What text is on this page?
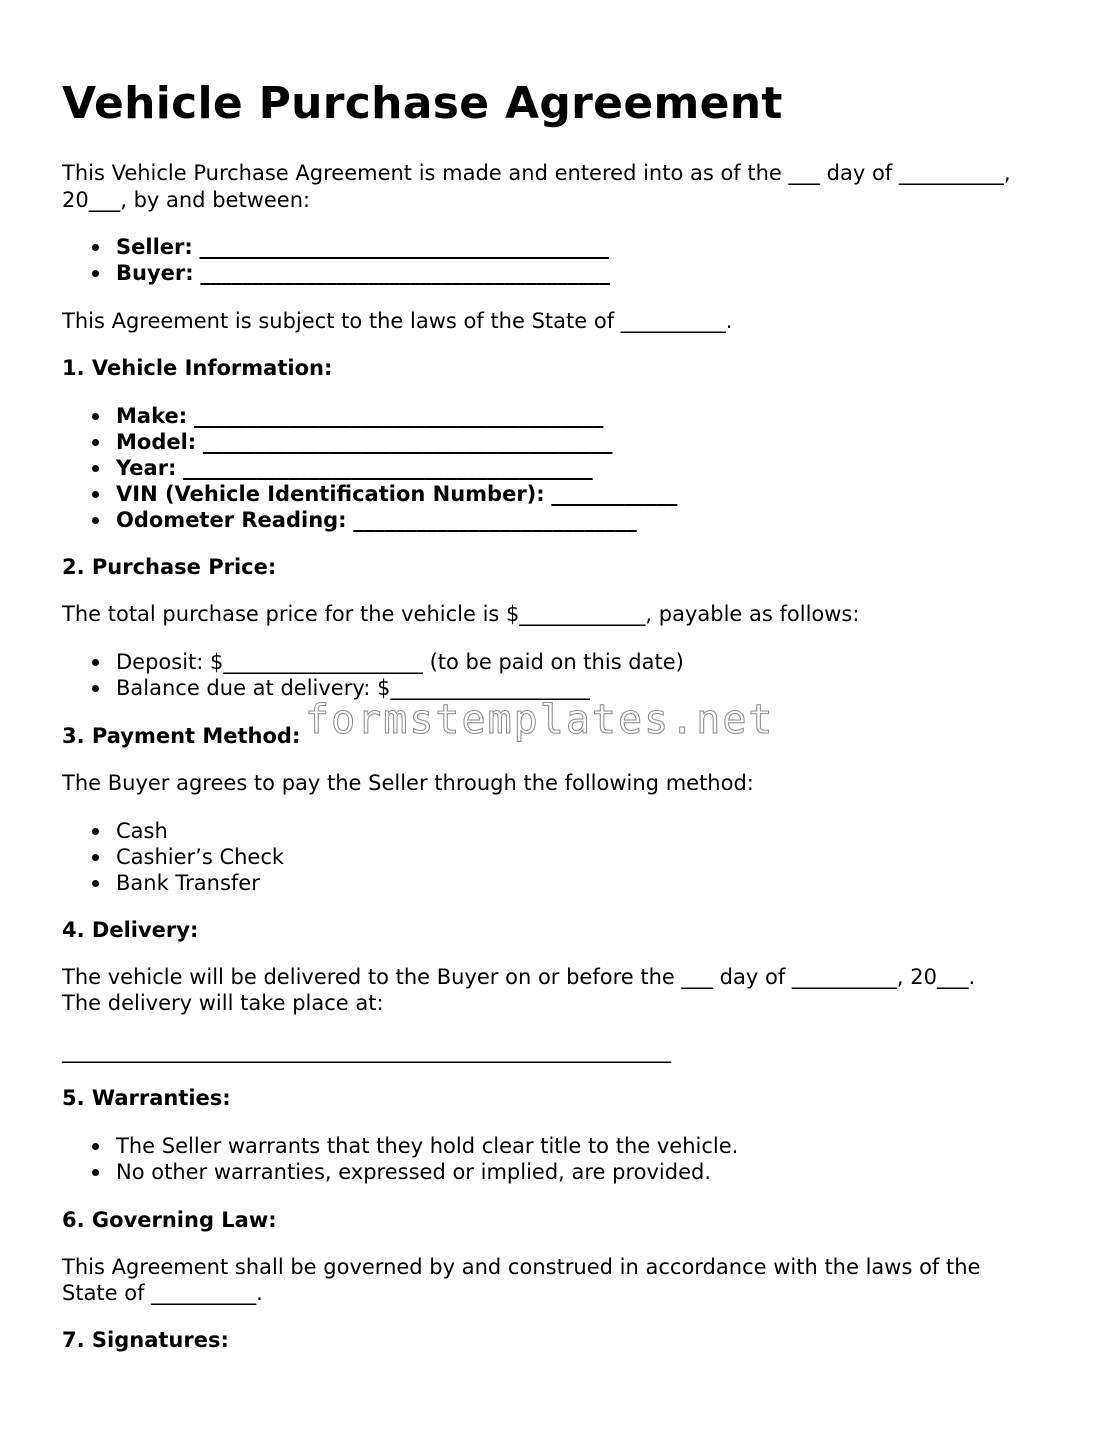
Vehicle Purchase Agreement

This Vehicle Purchase Agreement is made and entered into as of the ___ day of __________,

20___, by and between:

Seller: _______________________________________

Buyer: _______________________________________

This Agreement is subject to the laws of the State of __________.

1. Vehicle Information:

Make: _______________________________________

Model: _______________________________________

Year: _______________________________________

VIN (Vehicle Identification Number): ____________

Odometer Reading: ___________________________

2. Purchase Price:

The total purchase price for the vehicle is $____________, payable as follows:

Deposit: $___________________ (to be paid on this date)

Balance due at delivery: $___________________

3. Payment Method:

The Buyer agrees to pay the Seller through the following method:

Cash

Cashier’s Check

Bank Transfer

4. Delivery:

The vehicle will be delivered to the Buyer on or before the ___ day of __________, 20___.

The delivery will take place at:

__________________________________________________________

5. Warranties:

The Seller warrants that they hold clear title to the vehicle.

No other warranties, expressed or implied, are provided.

6. Governing Law:

This Agreement shall be governed by and construed in accordance with the laws of the

State of __________.

7. Signatures:

formstemplates.net
